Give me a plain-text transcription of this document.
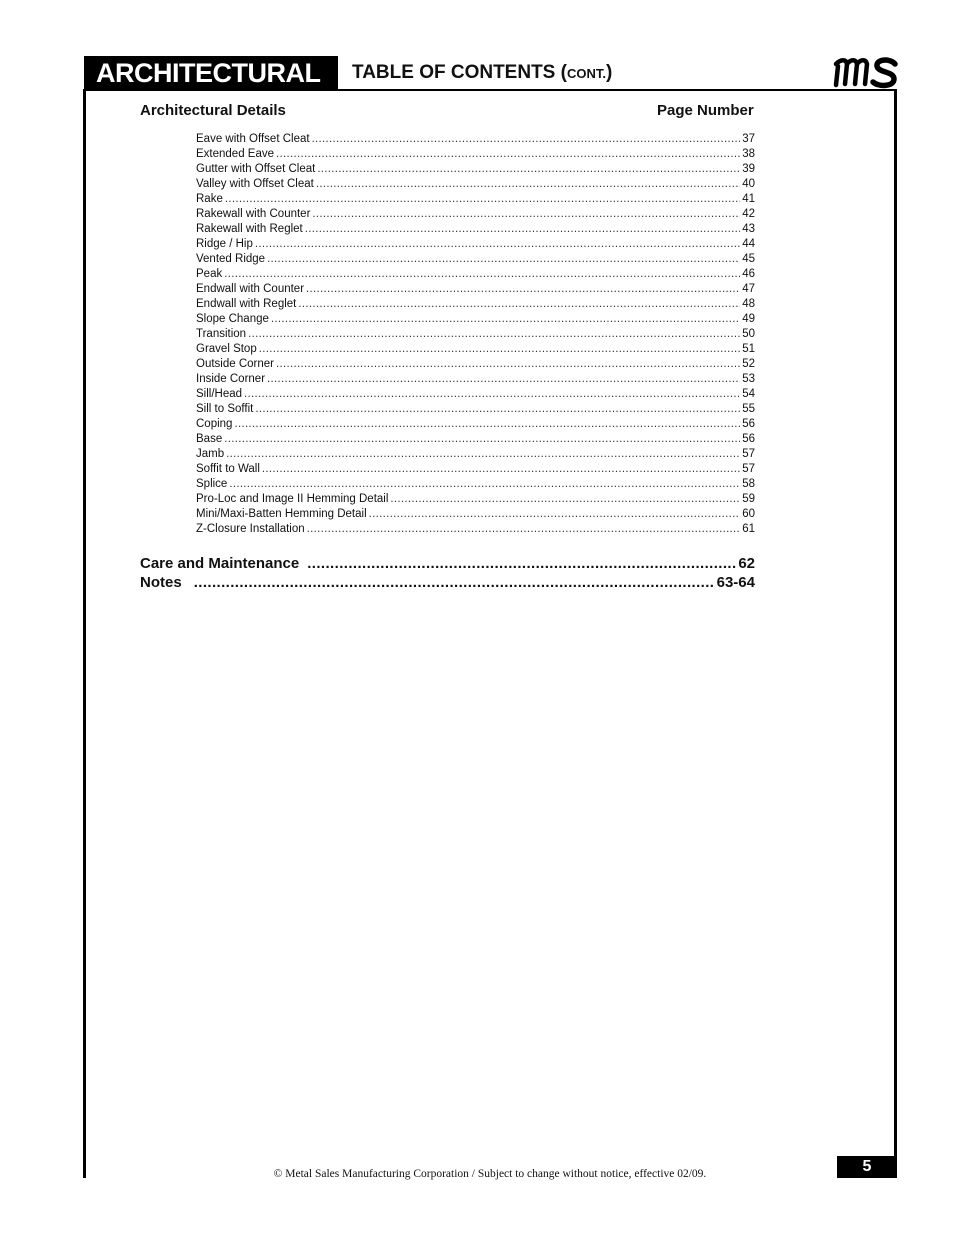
ARCHITECTURAL	TABLE OF CONTENTS (CONT.)
Architectural Details	Page Number
Eave with Offset Cleat .....	37
Extended Eave .....	38
Gutter with Offset Cleat .....	39
Valley with Offset Cleat .....	40
Rake .....	41
Rakewall with Counter .....	42
Rakewall with Reglet .....	43
Ridge / Hip .....	44
Vented Ridge .....	45
Peak .....	46
Endwall with Counter .....	47
Endwall with Reglet .....	48
Slope Change .....	49
Transition .....	50
Gravel Stop .....	51
Outside Corner .....	52
Inside Corner .....	53
Sill/Head .....	54
Sill to Soffit .....	55
Coping .....	56
Base .....	56
Jamb .....	57
Soffit to Wall .....	57
Splice .....	58
Pro-Loc and Image II Hemming Detail .....	59
Mini/Maxi-Batten Hemming Detail .....	60
Z-Closure Installation .....	61
Care and Maintenance .....	62
Notes .....	63-64
© Metal Sales Manufacturing Corporation / Subject to change without notice, effective 02/09.	5
